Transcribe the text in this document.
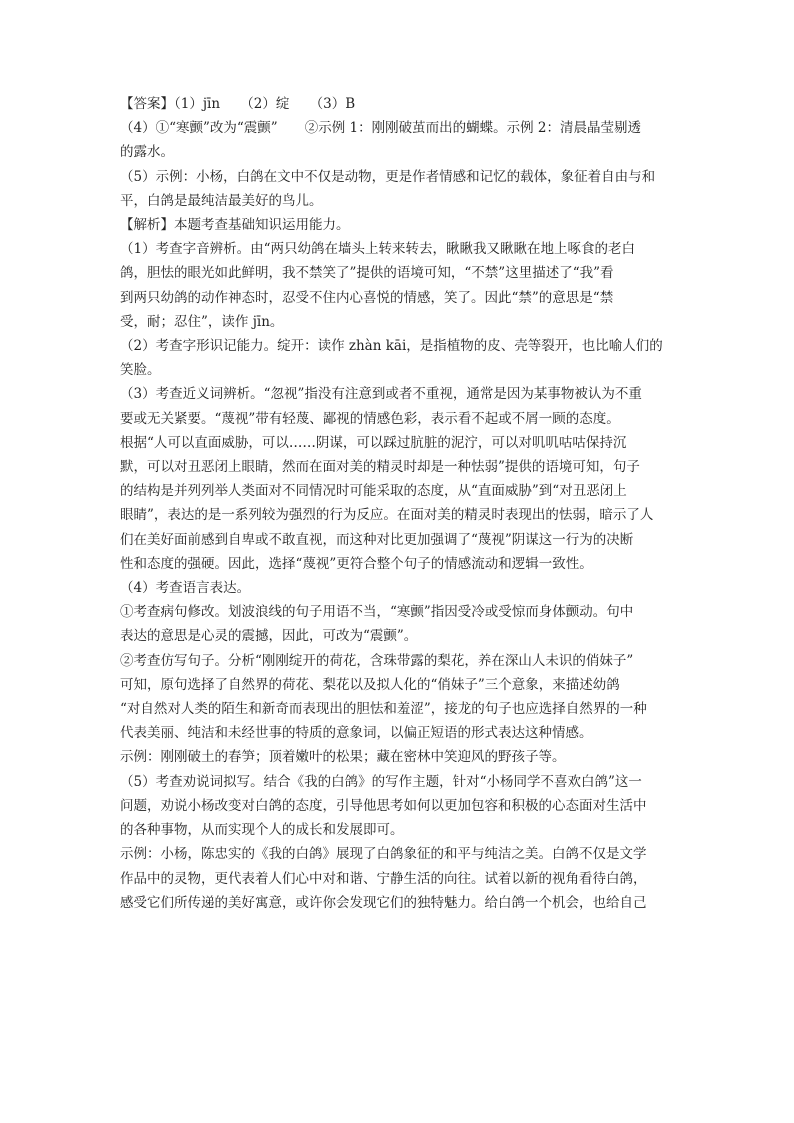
【答案】（1）jīn　　（2）绽　　（3）B
（4）①“寒颤”改为“震颤”　　②示例 1：刚刚破茧而出的蝴蝶。示例 2：清晨晶莹剔透
的露水。
（5）示例：小杨，白鸽在文中不仅是动物，更是作者情感和记忆的载体，象征着自由与和
平，白鸽是最纯洁最美好的鸟儿。
【解析】本题考查基础知识运用能力。
（1）考查字音辨析。由“两只幼鸽在墙头上转来转去，瞅瞅我又瞅瞅在地上啄食的老白
鸽，胆怯的眼光如此鲜明，我不禁笑了”提供的语境可知，“不禁”这里描述了“我”看
到两只幼鸽的动作神态时，忍受不住内心喜悦的情感，笑了。因此“禁”的意思是“禁
受，耐；忍住”，读作 jīn。
（2）考查字形识记能力。绽开：读作 zhàn kāi，是指植物的皮、壳等裂开，也比喻人们的
笑脸。
（3）考查近义词辨析。“忽视”指没有注意到或者不重视，通常是因为某事物被认为不重
要或无关紧要。“蔑视”带有轻蔑、鄙视的情感色彩，表示看不起或不屑一顾的态度。
根据“人可以直面威胁，可以……阴谋，可以踩过肮脏的泥泞，可以对叽叽咕咕保持沉
默，可以对丑恶闭上眼睛，然而在面对美的精灵时却是一种怯弱”提供的语境可知，句子
的结构是并列列举人类面对不同情况时可能采取的态度，从“直面威胁”到“对丑恶闭上
眼睛”，表达的是一系列较为强烈的行为反应。在面对美的精灵时表现出的怯弱，暗示了人
们在美好面前感到自卑或不敢直视，而这种对比更加强调了“蔑视”阴谋这一行为的决断
性和态度的强硬。因此，选择“蔑视”更符合整个句子的情感流动和逻辑一致性。
（4）考查语言表达。
①考查病句修改。划波浪线的句子用语不当，“寒颤”指因受冷或受惊而身体颤动。句中
表达的意思是心灵的震撼，因此，可改为“震颤”。
②考查仿写句子。分析“刚刚绽开的荷花，含珠带露的梨花，养在深山人未识的俏妹子”
可知，原句选择了自然界的荷花、梨花以及拟人化的“俏妹子”三个意象，来描述幼鸽
“对自然对人类的陌生和新奇而表现出的胆怯和羞涩”，接龙的句子也应选择自然界的一种
代表美丽、纯洁和未经世事的特质的意象词，以偏正短语的形式表达这种情感。
示例：刚刚破土的春笋；顶着嫩叶的松果；藏在密林中笑迎风的野孩子等。
（5）考查劝说词拟写。结合《我的白鸽》的写作主题，针对“小杨同学不喜欢白鸽”这一
问题，劝说小杨改变对白鸽的态度，引导他思考如何以更加包容和积极的心态面对生活中
的各种事物，从而实现个人的成长和发展即可。
示例：小杨，陈忠实的《我的白鸽》展现了白鸽象征的和平与纯洁之美。白鸽不仅是文学
作品中的灵物，更代表着人们心中对和谐、宁静生活的向往。试着以新的视角看待白鸽，
感受它们所传递的美好寓意，或许你会发现它们的独特魅力。给白鸽一个机会，也给自己
